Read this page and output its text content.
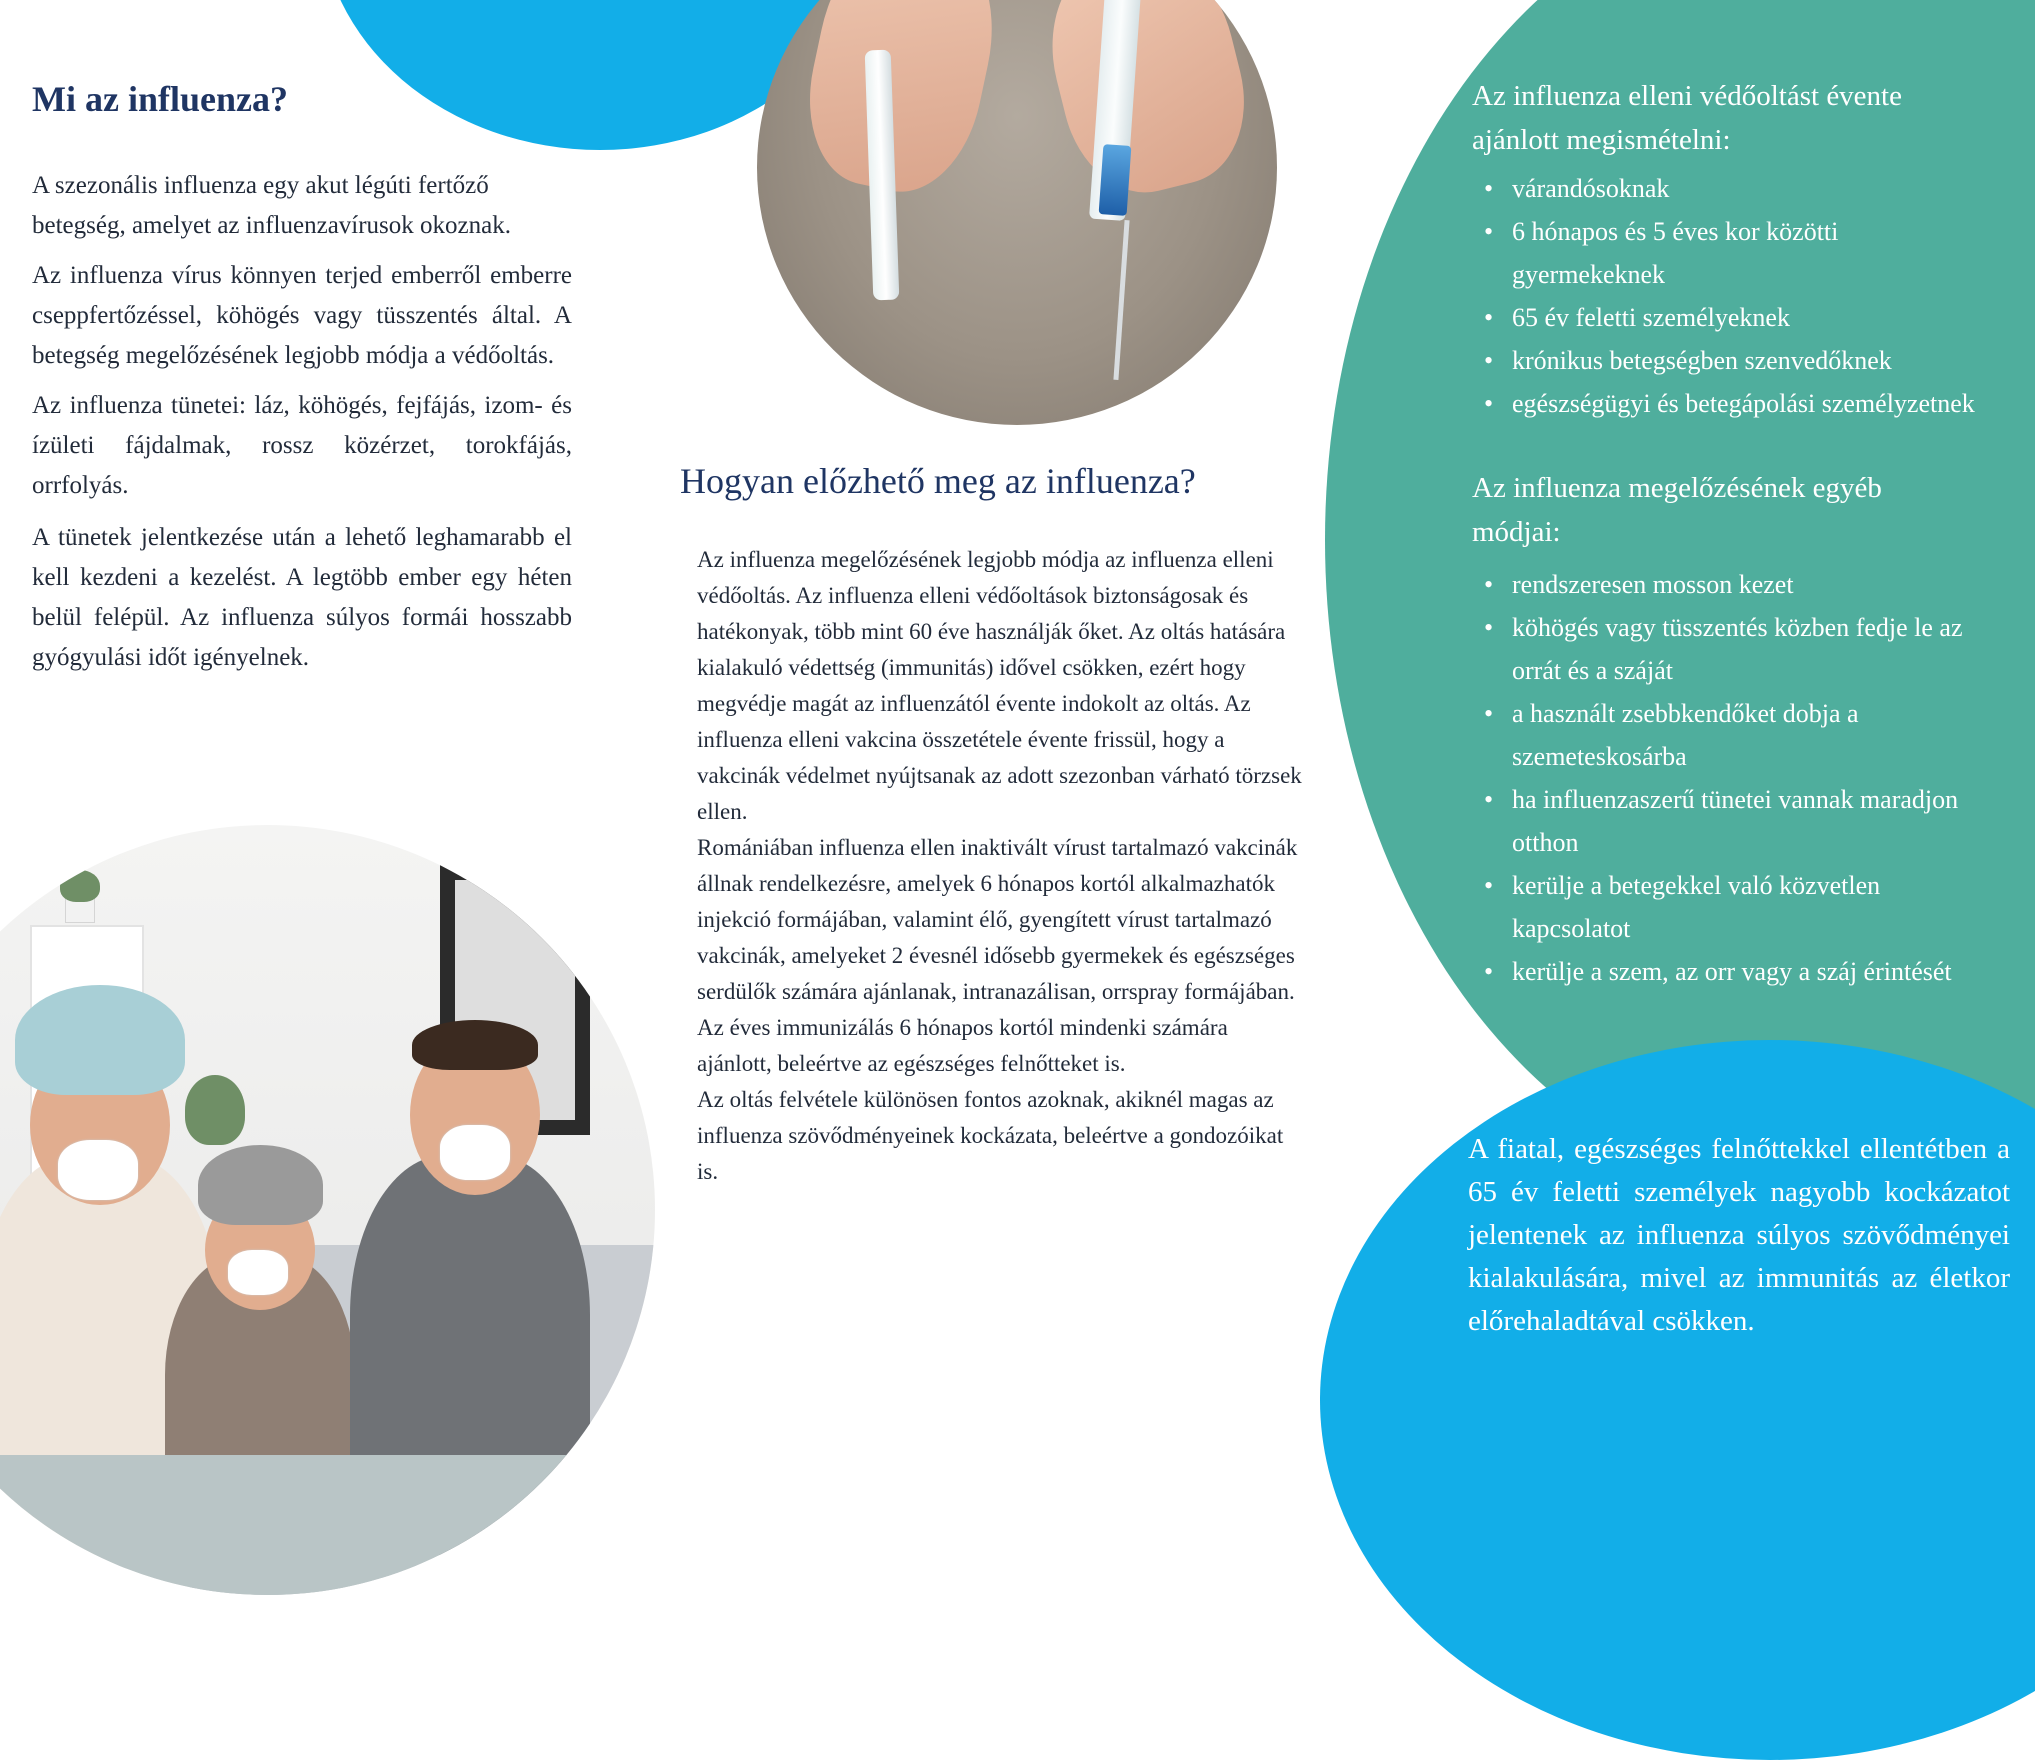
Mi az influenza?

A szezonális influenza egy akut légúti fertőző betegség, amelyet az influenzavírusok okoznak.

Az influenza vírus könnyen terjed emberről emberre cseppfertőzéssel, köhögés vagy tüsszentés által. A betegség megelőzésének legjobb módja a védőoltás.

Az influenza tünetei: láz, köhögés, fejfájás, izom- és ízületi fájdalmak, rossz közérzet, torokfájás, orrfolyás.

A tünetek jelentkezése után a lehető leghamarabb el kell kezdeni a kezelést. A legtöbb ember egy héten belül felépül. Az influenza súlyos formái hosszabb gyógyulási időt igényelnek.

Hogyan előzhető meg az influenza?

Az influenza megelőzésének legjobb módja az influenza elleni védőoltás. Az influenza elleni védőoltások biztonságosak és hatékonyak, több mint 60 éve használják őket. Az oltás hatására kialakuló védettség (immunitás) idővel csökken, ezért hogy megvédje magát az influenzától évente indokolt az oltás. Az influenza elleni vakcina összetétele évente frissül, hogy a vakcinák védelmet nyújtsanak az adott szezonban várható törzsek ellen.

Romániában influenza ellen inaktivált vírust tartalmazó vakcinák állnak rendelkezésre, amelyek 6 hónapos kortól alkalmazhatók injekció formájában, valamint élő, gyengített vírust tartalmazó vakcinák, amelyeket 2 évesnél idősebb gyermekek és egészséges serdülők számára ajánlanak, intranazálisan, orrspray formájában.

Az éves immunizálás 6 hónapos kortól mindenki számára ajánlott, beleértve az egészséges felnőtteket is.

Az oltás felvétele különösen fontos azoknak, akiknél magas az influenza szövődményeinek kockázata, beleértve a gondozóikat is.

Az influenza elleni védőoltást évente ajánlott megismételni:
• várandósoknak
• 6 hónapos és 5 éves kor közötti gyermekeknek
• 65 év feletti személyeknek
• krónikus betegségben szenvedőknek
• egészségügyi és betegápolási személyzetnek
Az influenza megelőzésének egyéb módjai:
• rendszeresen mosson kezet
• köhögés vagy tüsszentés közben fedje le az orrát és a száját
• a használt zsebbkendőket dobja a szemeteskosárba
• ha influenzaszerű tünetei vannak maradjon otthon
• kerülje a betegekkel való közvetlen kapcsolatot
• kerülje a szem, az orr vagy a száj érintését
A fiatal, egészséges felnőttekkel ellentétben a 65 év feletti személyek nagyobb kockázatot jelentenek az influenza súlyos szövődményei kialakulására, mivel az immunitás az életkor előrehaladtával csökken.
